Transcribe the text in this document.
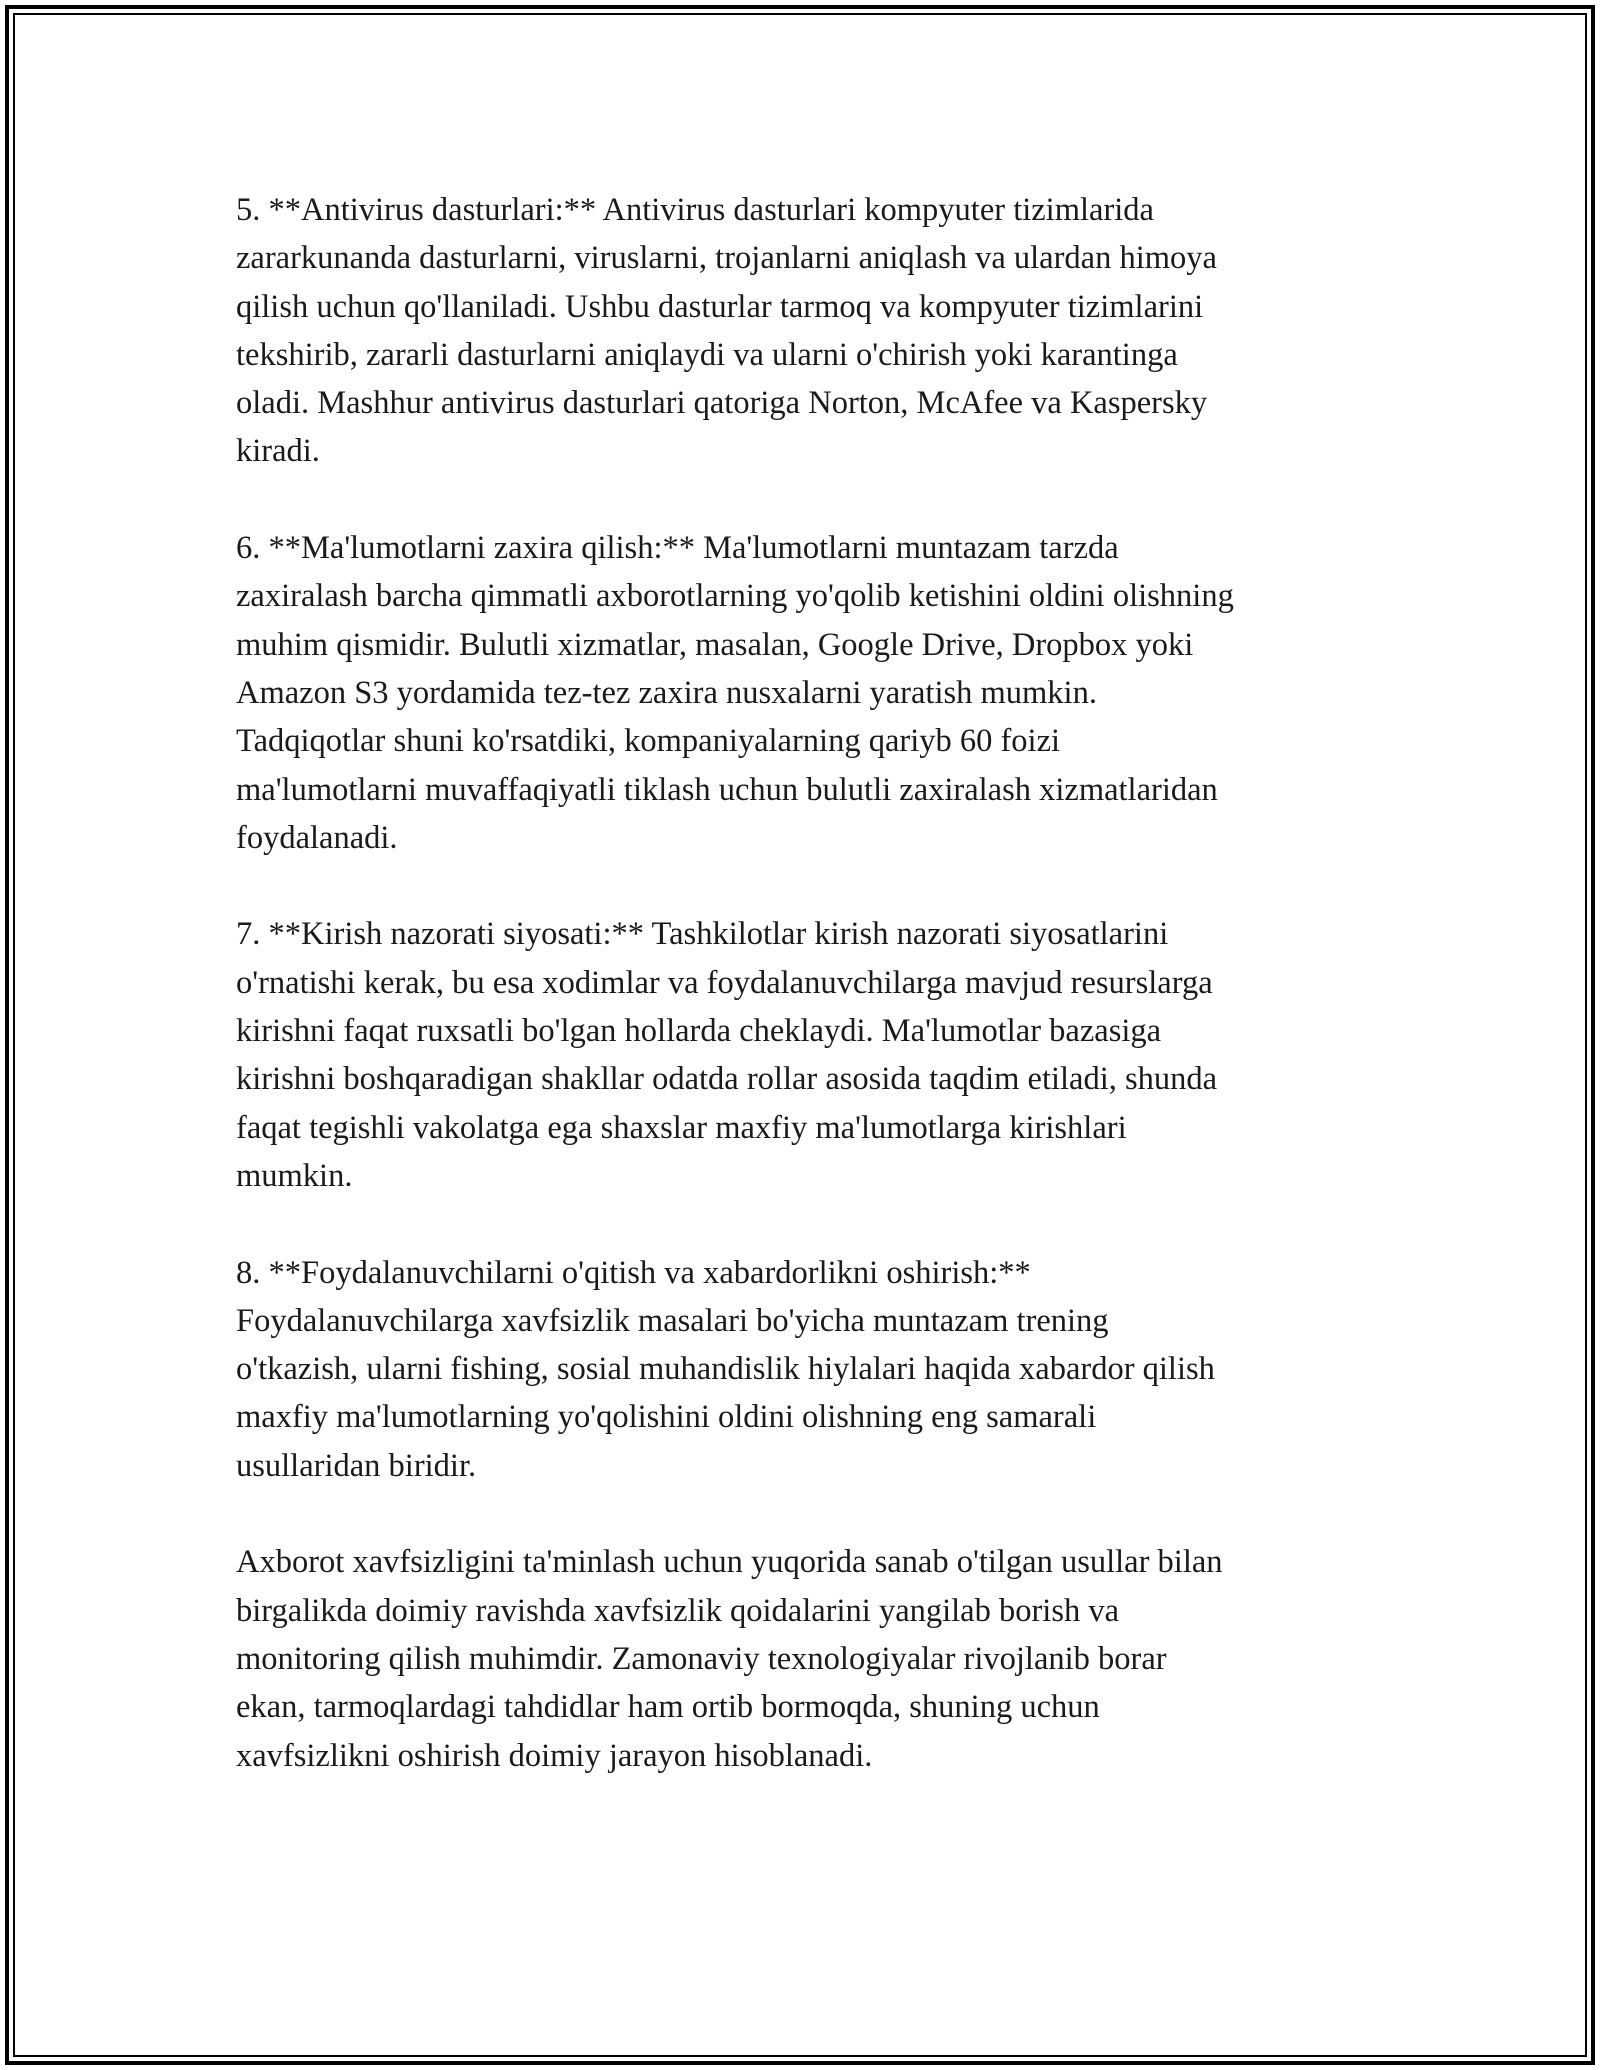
5. **Antivirus dasturlari:** Antivirus dasturlari kompyuter tizimlarida
zararkunanda dasturlarni, viruslarni, trojanlarni aniqlash va ulardan himoya
qilish uchun qo'llaniladi. Ushbu dasturlar tarmoq va kompyuter tizimlarini
tekshirib, zararli dasturlarni aniqlaydi va ularni o'chirish yoki karantinga
oladi. Mashhur antivirus dasturlari qatoriga Norton, McAfee va Kaspersky
kiradi.

6. **Ma'lumotlarni zaxira qilish:** Ma'lumotlarni muntazam tarzda
zaxiralash barcha qimmatli axborotlarning yo'qolib ketishini oldini olishning
muhim qismidir. Bulutli xizmatlar, masalan, Google Drive, Dropbox yoki
Amazon S3 yordamida tez-tez zaxira nusxalarni yaratish mumkin.
Tadqiqotlar shuni ko'rsatdiki, kompaniyalarning qariyb 60 foizi
ma'lumotlarni muvaffaqiyatli tiklash uchun bulutli zaxiralash xizmatlaridan
foydalanadi.

7. **Kirish nazorati siyosati:** Tashkilotlar kirish nazorati siyosatlarini
o'rnatishi kerak, bu esa xodimlar va foydalanuvchilarga mavjud resurslarga
kirishni faqat ruxsatli bo'lgan hollarda cheklaydi. Ma'lumotlar bazasiga
kirishni boshqaradigan shakllar odatda rollar asosida taqdim etiladi, shunda
faqat tegishli vakolatga ega shaxslar maxfiy ma'lumotlarga kirishlari
mumkin.

8. **Foydalanuvchilarni o'qitish va xabardorlikni oshirish:**
Foydalanuvchilarga xavfsizlik masalari bo'yicha muntazam trening
o'tkazish, ularni fishing, sosial muhandislik hiylalari haqida xabardor qilish
maxfiy ma'lumotlarning yo'qolishini oldini olishning eng samarali
usullaridan biridir.

Axborot xavfsizligini ta'minlash uchun yuqorida sanab o'tilgan usullar bilan
birgalikda doimiy ravishda xavfsizlik qoidalarini yangilab borish va
monitoring qilish muhimdir. Zamonaviy texnologiyalar rivojlanib borar
ekan, tarmoqlardagi tahdidlar ham ortib bormoqda, shuning uchun
xavfsizlikni oshirish doimiy jarayon hisoblanadi.
